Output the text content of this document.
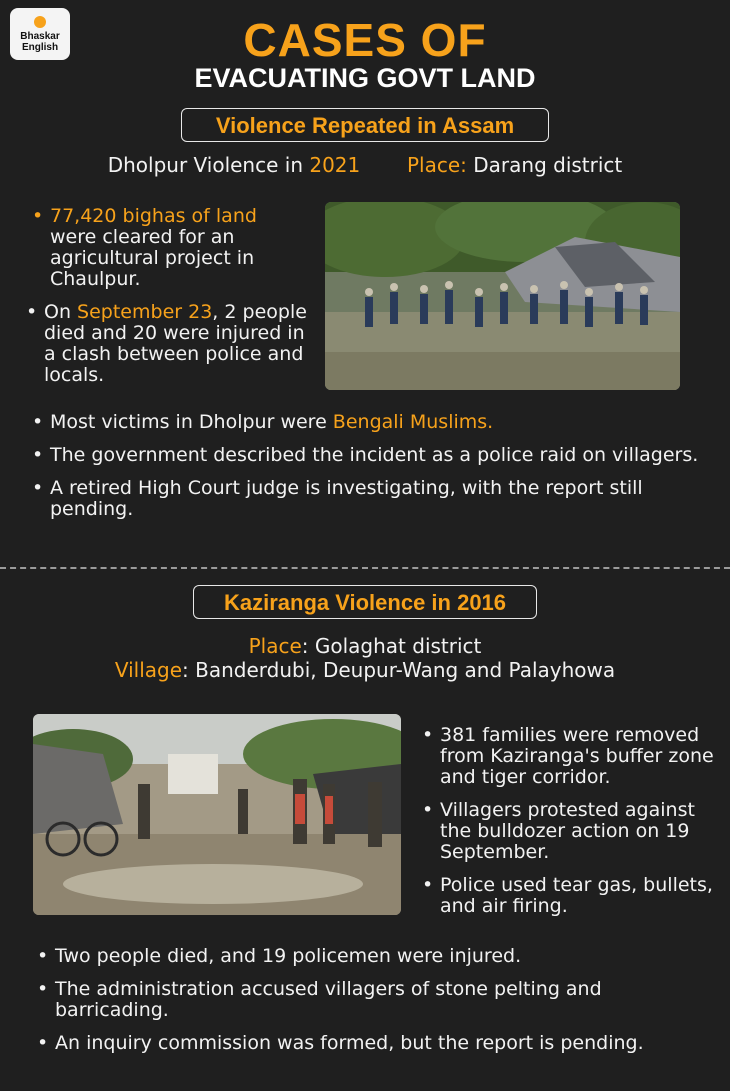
Bhaskar
English	CASES OF
EVACUATING GOVT LAND
Violence Repeated in Assam
Dholpur Violence in 2021 Place: Darang district
• 77,420 bighas of land
were cleared for an agricultural project in Chaulpur.
• On September 23, 2 people died and 20 were injured in a clash between police and locals.
• Most victims in Dholpur were Bengali Muslims.
• The government described the incident as a police raid on villagers.
• A retired High Court judge is investigating, with the report still pending.
Kaziranga Violence in 2016
Place: Golaghat district
Village: Banderdubi, Deupur-Wang and Palayhowa
• 381 families were removed from Kaziranga's buffer zone and tiger corridor.
• Villagers protested against the bulldozer action on 19 September.
• Police used tear gas, bullets, and air firing.
• Two people died, and 19 policemen were injured.
• The administration accused villagers of stone pelting and barricading.
• An inquiry commission was formed, but the report is pending.
